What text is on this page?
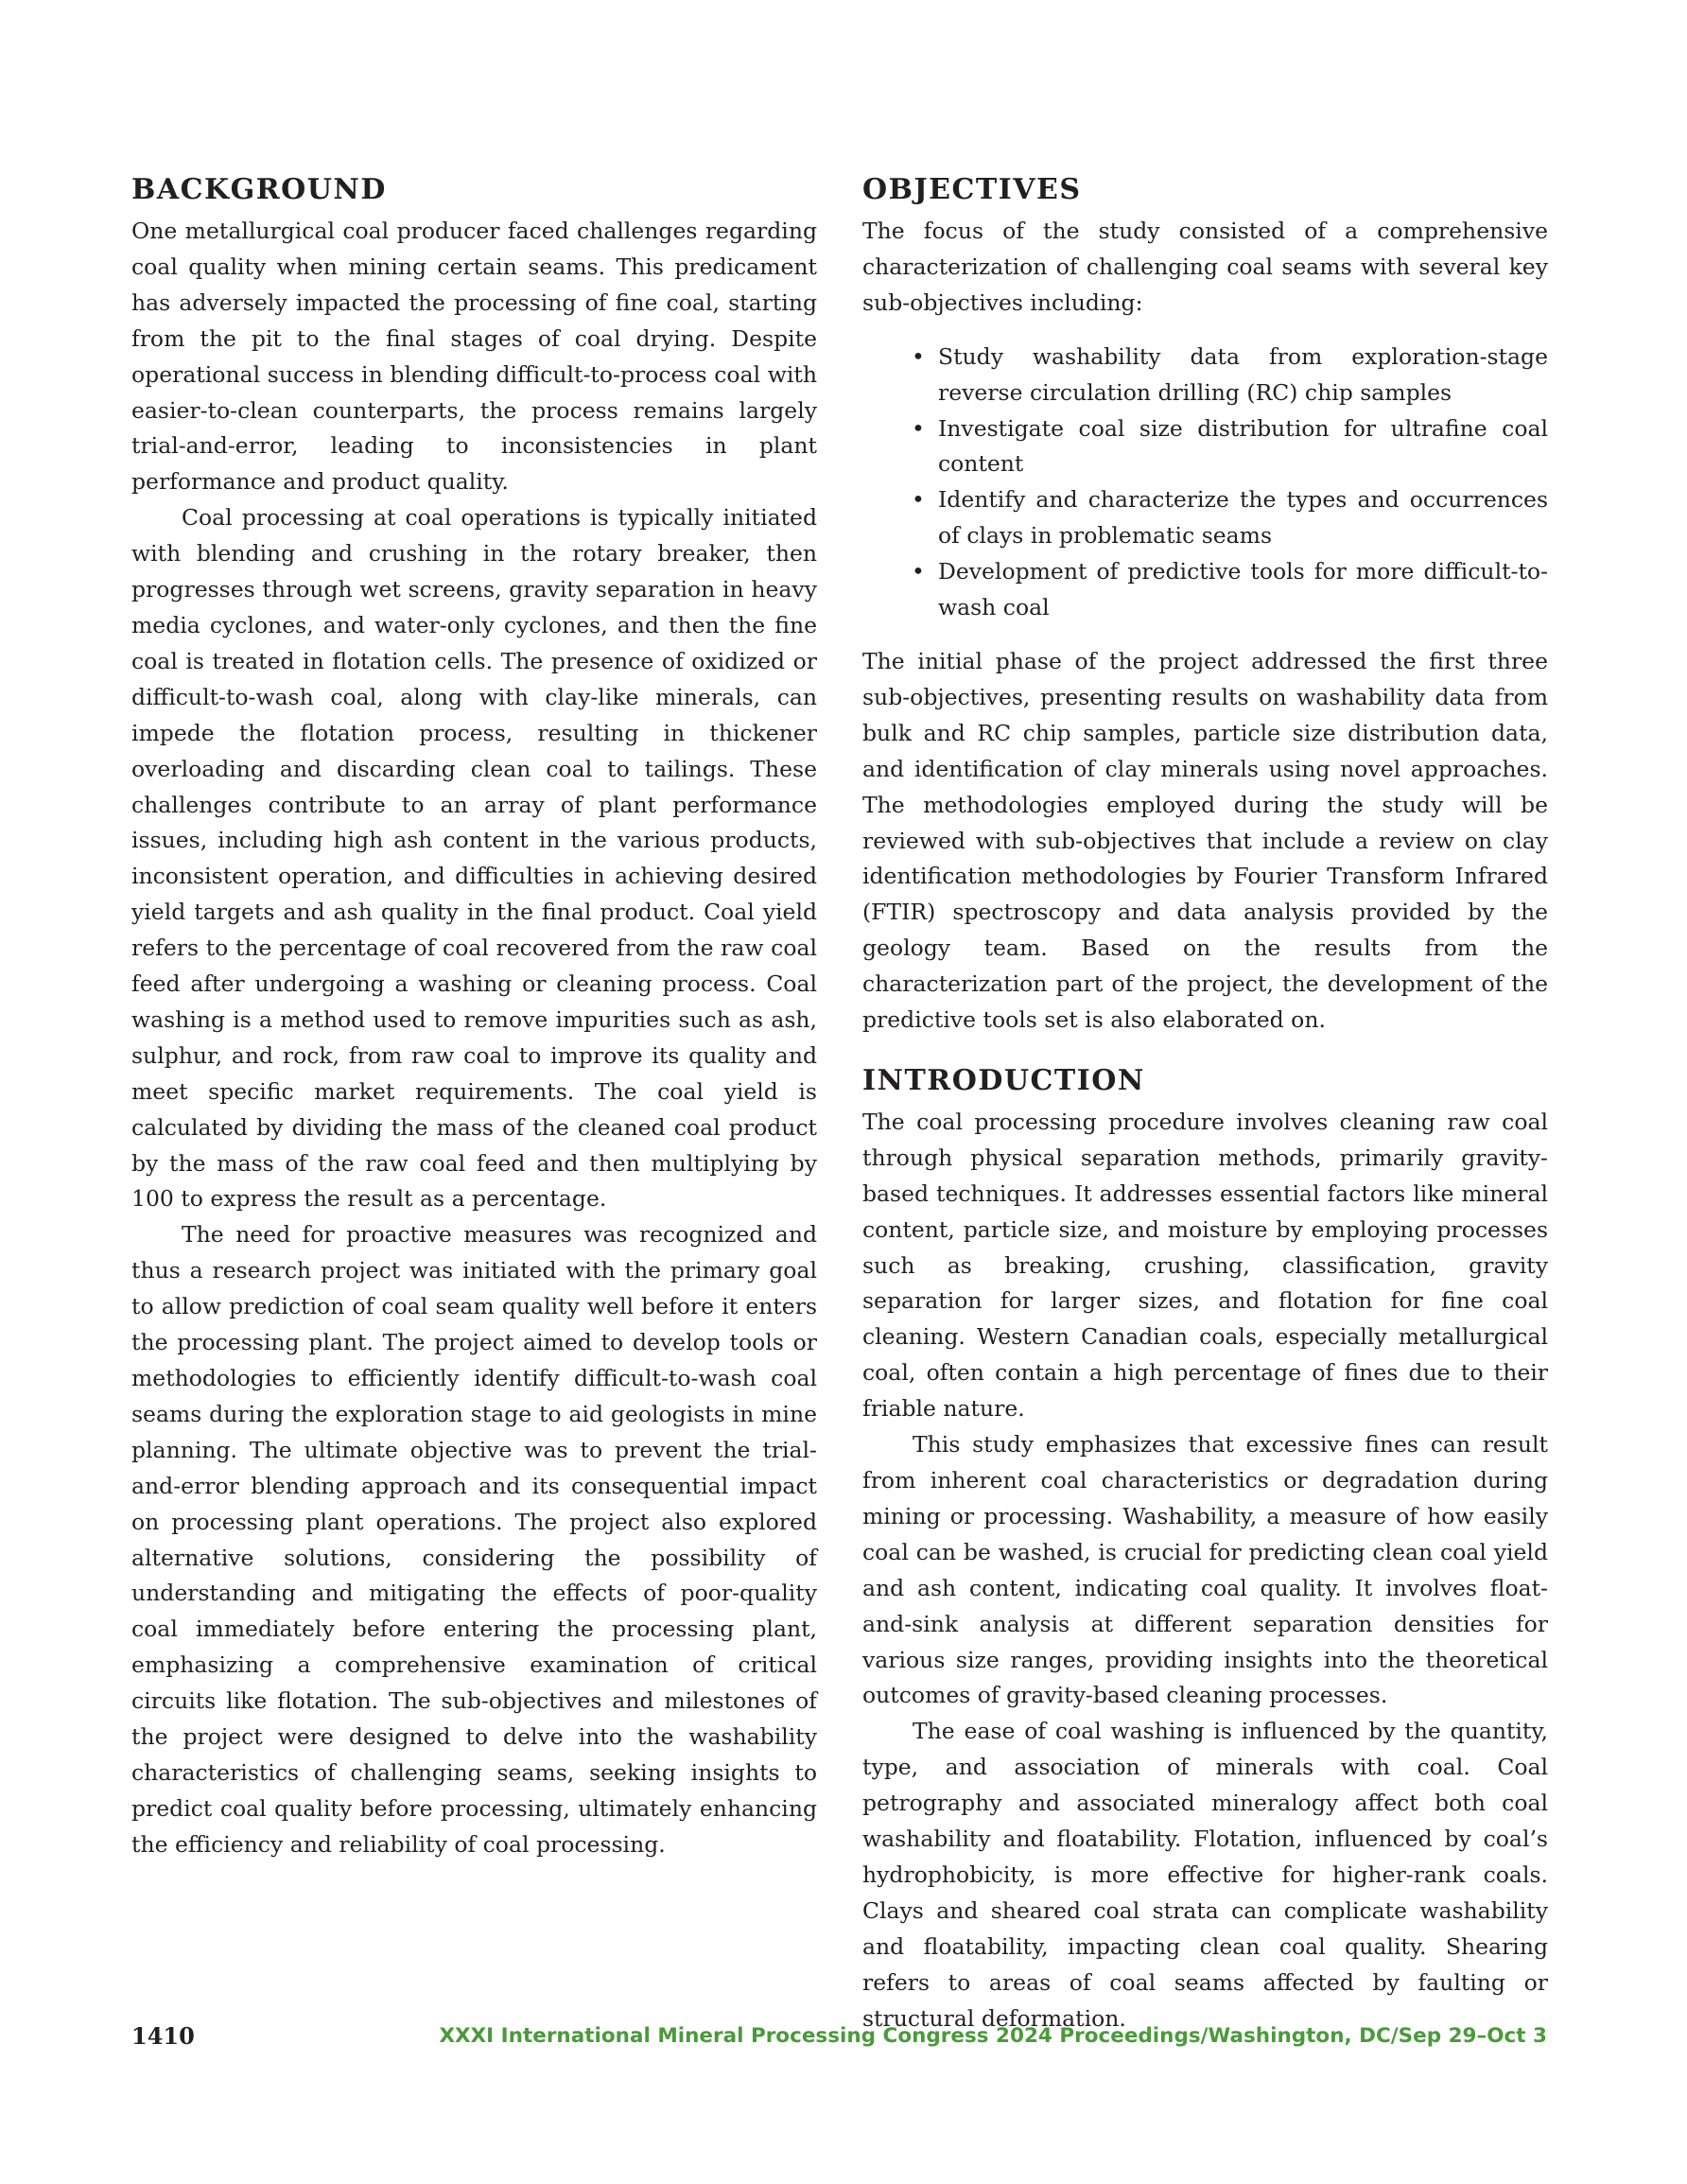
BACKGROUND

One metallurgical coal producer faced challenges regarding coal quality when mining certain seams. This predicament has adversely impacted the processing of fine coal, starting from the pit to the final stages of coal drying. Despite operational success in blending difficult-to-process coal with easier-to-clean counterparts, the process remains largely trial-and-error, leading to inconsistencies in plant performance and product quality.

Coal processing at coal operations is typically initiated with blending and crushing in the rotary breaker, then progresses through wet screens, gravity separation in heavy media cyclones, and water-only cyclones, and then the fine coal is treated in flotation cells. The presence of oxidized or difficult-to-wash coal, along with clay-like minerals, can impede the flotation process, resulting in thickener overloading and discarding clean coal to tailings. These challenges contribute to an array of plant performance issues, including high ash content in the various products, inconsistent operation, and difficulties in achieving desired yield targets and ash quality in the final product. Coal yield refers to the percentage of coal recovered from the raw coal feed after undergoing a washing or cleaning process. Coal washing is a method used to remove impurities such as ash, sulphur, and rock, from raw coal to improve its quality and meet specific market requirements. The coal yield is calculated by dividing the mass of the cleaned coal product by the mass of the raw coal feed and then multiplying by 100 to express the result as a percentage.

The need for proactive measures was recognized and thus a research project was initiated with the primary goal to allow prediction of coal seam quality well before it enters the processing plant. The project aimed to develop tools or methodologies to efficiently identify difficult-to-wash coal seams during the exploration stage to aid geologists in mine planning. The ultimate objective was to prevent the trial-and-error blending approach and its consequential impact on processing plant operations. The project also explored alternative solutions, considering the possibility of understanding and mitigating the effects of poor-quality coal immediately before entering the processing plant, emphasizing a comprehensive examination of critical circuits like flotation. The sub-objectives and milestones of the project were designed to delve into the washability characteristics of challenging seams, seeking insights to predict coal quality before processing, ultimately enhancing the efficiency and reliability of coal processing.

OBJECTIVES

The focus of the study consisted of a comprehensive characterization of challenging coal seams with several key sub-objectives including:

• Study washability data from exploration-stage reverse circulation drilling (RC) chip samples
• Investigate coal size distribution for ultrafine coal content
• Identify and characterize the types and occurrences of clays in problematic seams
• Development of predictive tools for more difficult-to-wash coal

The initial phase of the project addressed the first three sub-objectives, presenting results on washability data from bulk and RC chip samples, particle size distribution data, and identification of clay minerals using novel approaches. The methodologies employed during the study will be reviewed with sub-objectives that include a review on clay identification methodologies by Fourier Transform Infrared (FTIR) spectroscopy and data analysis provided by the geology team. Based on the results from the characterization part of the project, the development of the predictive tools set is also elaborated on.

INTRODUCTION

The coal processing procedure involves cleaning raw coal through physical separation methods, primarily gravity-based techniques. It addresses essential factors like mineral content, particle size, and moisture by employing processes such as breaking, crushing, classification, gravity separation for larger sizes, and flotation for fine coal cleaning. Western Canadian coals, especially metallurgical coal, often contain a high percentage of fines due to their friable nature.

This study emphasizes that excessive fines can result from inherent coal characteristics or degradation during mining or processing. Washability, a measure of how easily coal can be washed, is crucial for predicting clean coal yield and ash content, indicating coal quality. It involves float-and-sink analysis at different separation densities for various size ranges, providing insights into the theoretical outcomes of gravity-based cleaning processes.

The ease of coal washing is influenced by the quantity, type, and association of minerals with coal. Coal petrography and associated mineralogy affect both coal washability and floatability. Flotation, influenced by coal’s hydrophobicity, is more effective for higher-rank coals. Clays and sheared coal strata can complicate washability and floatability, impacting clean coal quality. Shearing refers to areas of coal seams affected by faulting or structural deformation.

1410	XXXI International Mineral Processing Congress 2024 Proceedings/Washington, DC/Sep 29–Oct 3
